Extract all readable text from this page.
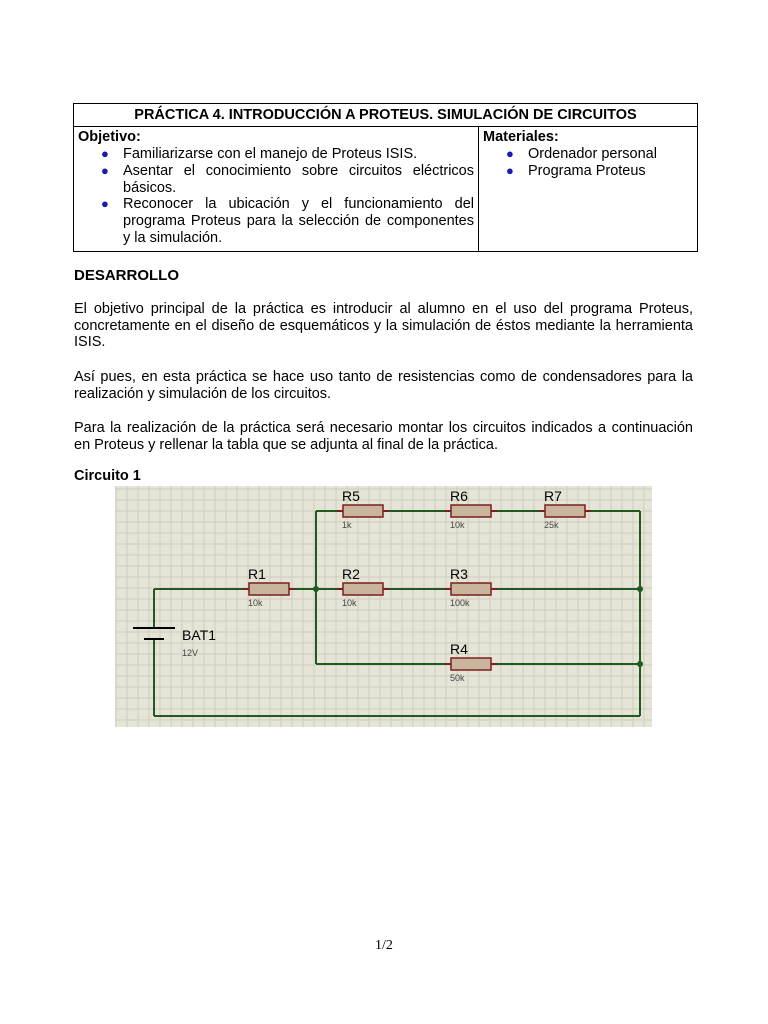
PRÁCTICA 4. INTRODUCCIÓN A PROTEUS. SIMULACIÓN DE CIRCUITOS
Objetivo:
● Familiarizarse con el manejo de Proteus ISIS.
● Asentar el conocimiento sobre circuitos eléctricos básicos.
● Reconocer la ubicación y el funcionamiento del programa Proteus para la selección de componentes y la simulación.
Materiales:
● Ordenador personal
● Programa Proteus
DESARROLLO

El objetivo principal de la práctica es introducir al alumno en el uso del programa Proteus, concretamente en el diseño de esquemáticos y la simulación de éstos mediante la herramienta ISIS.

Así pues, en esta práctica se hace uso tanto de resistencias como de condensadores para la realización y simulación de los circuitos.

Para la realización de la práctica será necesario montar los circuitos indicados a continuación en Proteus y rellenar la tabla que se adjunta al final de la práctica.

Circuito 1
BAT1
12V
R1
10k
R2
10k
R3
100k
R4
50k
R5
1k
R6
10k
R7
25k
1/2
